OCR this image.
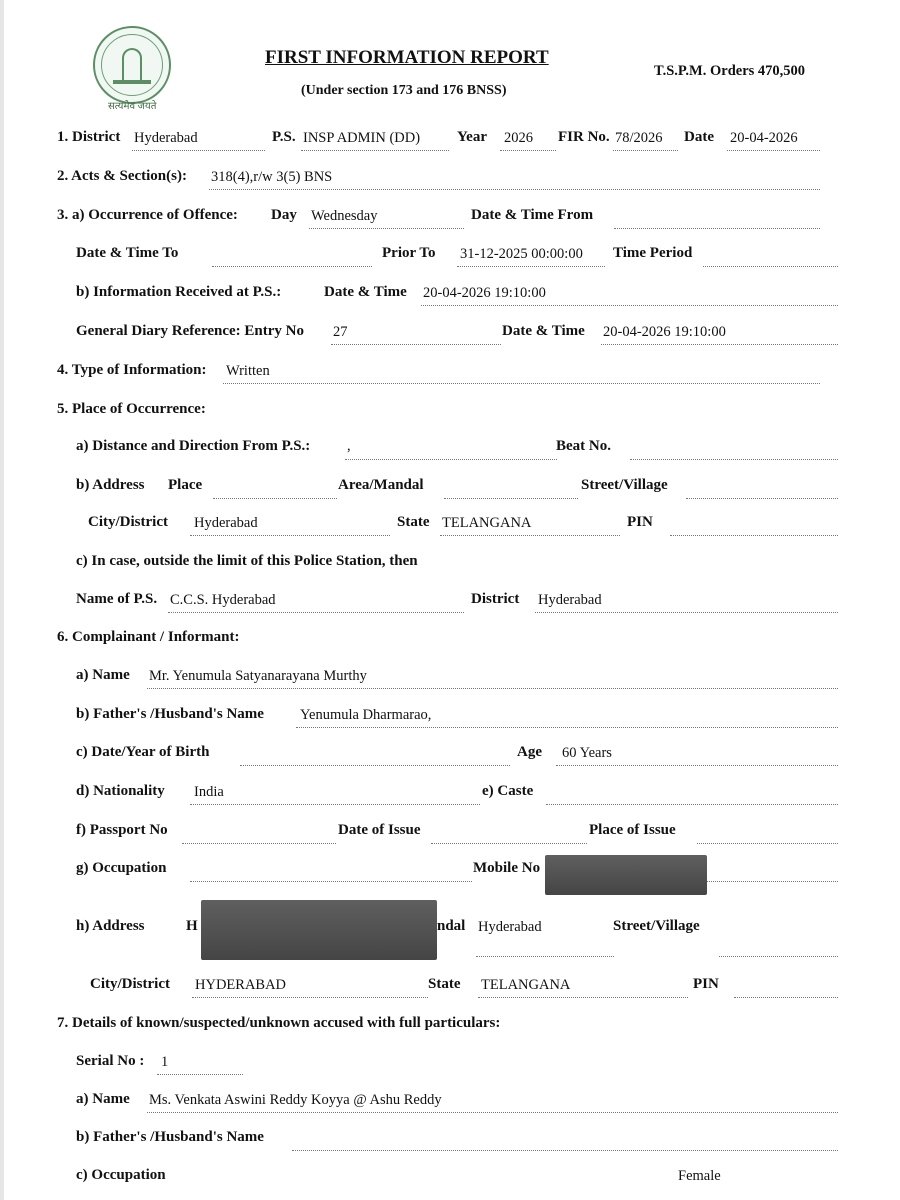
सत्यमेव जयते
FIRST INFORMATION REPORT
(Under section 173 and 176 BNSS)
T.S.P.M. Orders 470,500
1. District Hyderabad	P.S. INSP ADMIN (DD) Year 2026 FIR No. 78/2026 Date 20-04-2026
2. Acts & Section(s): 318(4),r/w 3(5) BNS
3. a) Occurrence of Offence: Day Wednesday	Date & Time From
Date & Time To	Prior To 31-12-2025 00:00:00 Time Period
b) Information Received at P.S.:	Date & Time 20-04-2026 19:10:00
General Diary Reference: Entry No 27	Date & Time 20-04-2026 19:10:00
4. Type of Information: Written
5. Place of Occurrence:
a) Distance and Direction From P.S.:	,	Beat No.
b) Address Place	Area/Mandal	Street/Village
City/District Hyderabad	State TELANGANA	PIN
c) In case, outside the limit of this Police Station, then
Name of P.S. C.C.S. Hyderabad	District Hyderabad
6. Complainant / Informant:
a) Name Mr. Yenumula Satyanarayana Murthy
b) Father's /Husband's Name Yenumula Dharmarao,
c) Date/Year of Birth	Age 60 Years
d) Nationality India	e) Caste
f) Passport No	Date of Issue	Place of Issue
g) Occupation	Mobile No
h) Address	H	ndal Hyderabad	Street/Village
City/District HYDERABAD	State TELANGANA	PIN
7. Details of known/suspected/unknown accused with full particulars:
Serial No : 1
a) Name Ms. Venkata Aswini Reddy Koyya @ Ashu Reddy
b) Father's /Husband's Name
c) Occupation	Female
